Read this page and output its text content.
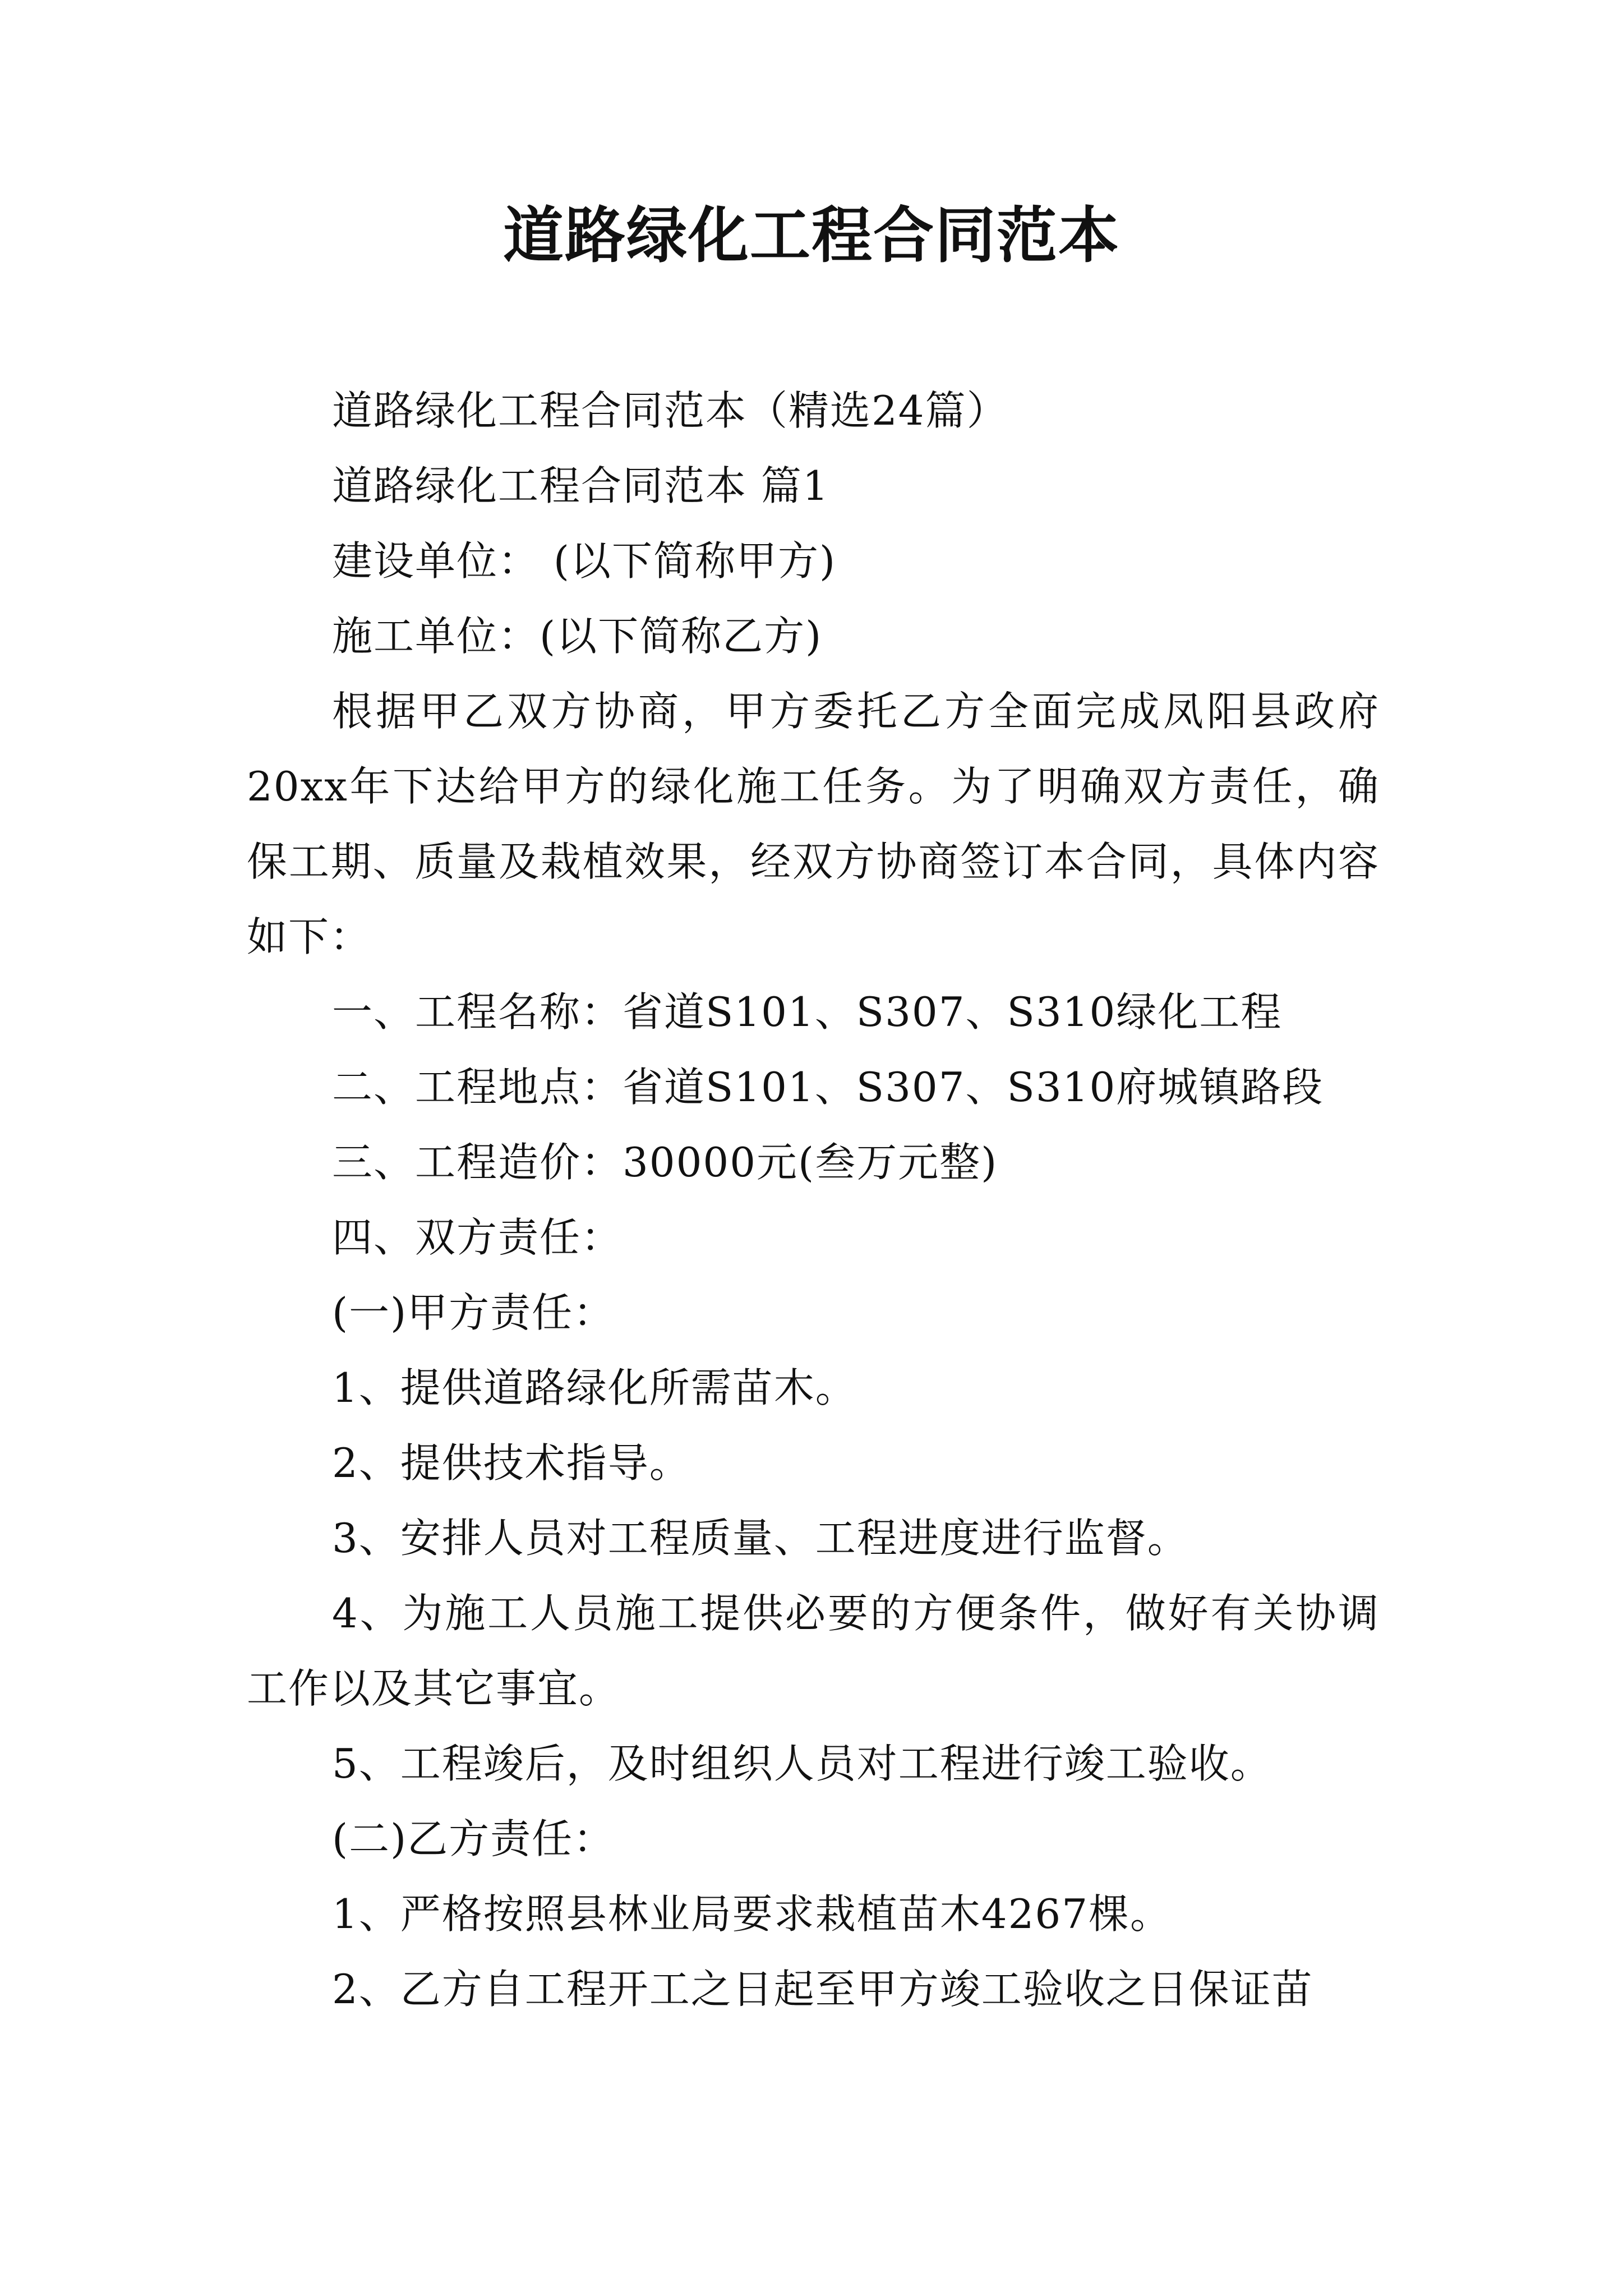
道路绿化工程合同范本

道路绿化工程合同范本（精选24篇）

道路绿化工程合同范本 篇1

建设单位： (以下简称甲方)

施工单位：(以下简称乙方)

根据甲乙双方协商，甲方委托乙方全面完成凤阳县政府20xx年下达给甲方的绿化施工任务。为了明确双方责任，确保工期、质量及栽植效果，经双方协商签订本合同，具体内容如下：

一、工程名称：省道S101、S307、S310绿化工程

二、工程地点：省道S101、S307、S310府城镇路段

三、工程造价：30000元(叁万元整)

四、双方责任：

(一)甲方责任：

1、提供道路绿化所需苗木。

2、提供技术指导。

3、安排人员对工程质量、工程进度进行监督。

4、为施工人员施工提供必要的方便条件，做好有关协调工作以及其它事宜。

5、工程竣后，及时组织人员对工程进行竣工验收。

(二)乙方责任：

1、严格按照县林业局要求栽植苗木4267棵。

2、乙方自工程开工之日起至甲方竣工验收之日保证苗
